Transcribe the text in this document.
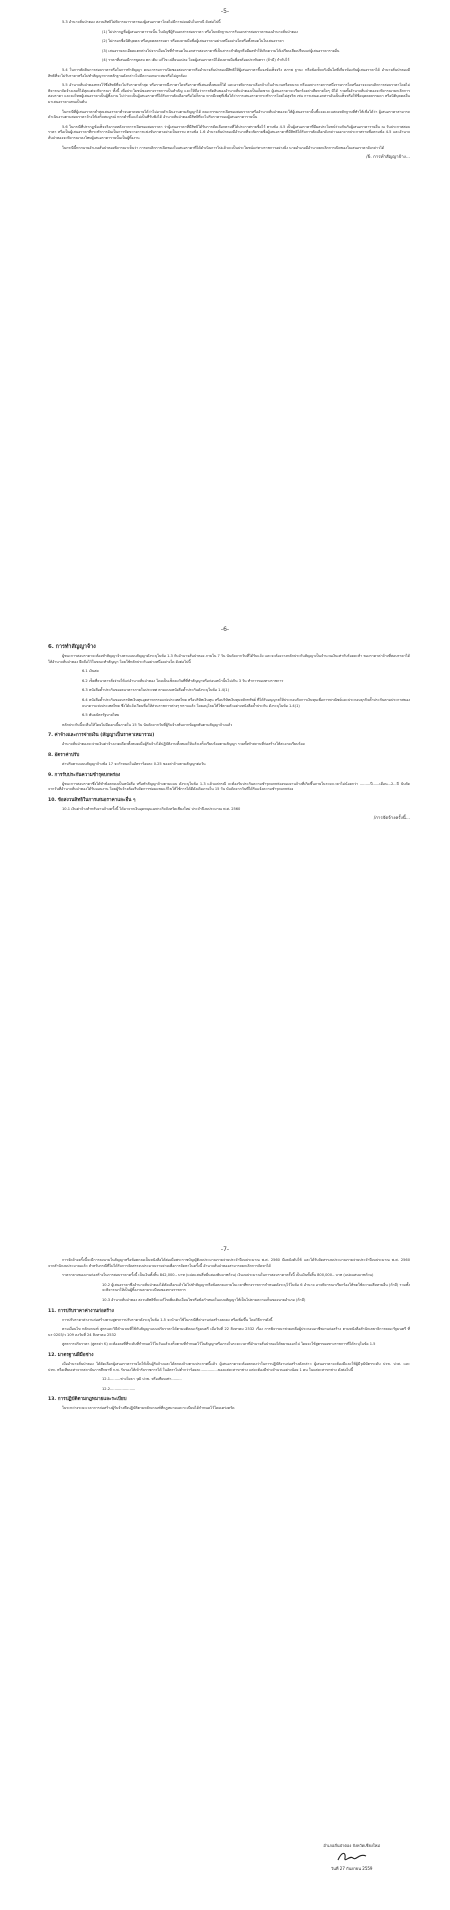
-5-

5.3 อำนาจสั่นป่าตอง สงวนสิทธิไม่พิจารณาราคาของผู้เสนอราคาโดยไม่มีการผ่อนผันในกรณี ดังต่อไปนี้

(1) ไม่ปรากฏชื่อผู้เสนอราคารายนั้น ในบัญชีผู้รับเอกสารสอบราคา หรือในหลักฐานการรับเอกสารสอบราคาของอำนาจสั่นป่าตอง

(2) ไม่กรอกชื่อนิติบุคคล หรือบุคคลธรรมดา หรือลงลายมือชื่อผู้เสนอราคาอย่างหนึ่งอย่างใดหรือทั้งหมดในใบเสนอราคา

(3) เสนอรายละเอียดแตกต่างไปจากเงื่อนไขที่กำหนดในเอกสารสอบราคาที่เป็นสาระสำคัญหรือมีผลทำให้เกิดความได้เปรียบเสียเปรียบแก่ผู้เสนอราคารายอื่น

(4) ราคาที่เสนอมีการขูดลบ ตก เติม แก้ไข เปลี่ยนแปลง โดยผู้เสนอราคามิได้ลงลายมือชื่อพร้อมประทับตรา (ถ้ามี) กำกับไว้

5.4 ในการตัดสินการสอบราคาหรือในการทำสัญญา คณะกรรมการเปิดซองสอบราคาหรืออำนาจสั่นป่าตองมีสิทธิให้ผู้เสนอราคาชี้แจงข้อเท็จจริง สภาพ ฐานะ หรือข้อเท็จจริงอื่นใดที่เกี่ยวข้องกับผู้เสนอราคาได้ อำนาจสั่นป่าตองมีสิทธิที่จะไม่รับราคาหรือไม่ทำสัญญาหากหลักฐานดังกล่าวไม่มีความเหมาะสมหรือไม่ถูกต้อง

5.5 อำนาจสั่นป่าตองทรงไว้ซึ่งสิทธิที่จะไม่รับราคาต่ำสุด หรือราคาหนึ่งราคาใดหรือราคาที่เสนอทั้งหมดก็ได้ และอาจพิจารณาเลือกจ้างในจำนวนหรือขนาด หรือเฉพาะรายการหนึ่งรายการใดหรืออาจจะยกเลิกการสอบราคาโดยไม่พิจารณาจัดจ้างเลยก็ได้สุดแต่จะพิจารณา ทั้งนี้ เพื่อประโยชน์ของทางราชการเป็นสำคัญ และให้ถือว่าการตัดสินของอำนาจสั่นป่าตองเป็นเด็ดขาด ผู้เสนอราคาจะเรียกร้องค่าเสียหายใดๆ มิได้ รวมทั้งอำนาจสั่นป่าตองจะพิจารณายกเลิกการสอบราคา และลงโทษผู้เสนอราคาเป็นผู้ทิ้งงาน ไม่ว่าจะเป็นผู้เสนอราคาที่ได้รับการคัดเลือกหรือไม่ก็ตาม หากมีเหตุที่เชื่อได้ว่าการเสนอราคากระทำการโดยไม่สุจริต เช่น การเสนอเอกสารอันเป็นเท็จหรือใช้ชื่อบุคคลธรรมดา หรือนิติบุคคลอื่นมาเสนอราคาแทนเป็นต้น

ในกรณีที่ผู้เสนอราคาต่ำสุดเสนอราคาต่ำจนคาดหมายได้ว่าไม่อาจดำเนินงานตามสัญญาได้ คณะกรรมการเปิดซองสอบราคาหรืออำนาจสั่นป่าตองจะให้ผู้เสนอราคานั้นชี้แจงและแสดงหลักฐานที่ทำให้เชื่อได้ว่า ผู้เสนอราคาสามารถดำเนินงานตามสอบราคาจ้างให้เสร็จสมบูรณ์ หากคำชี้แจงไม่เป็นที่รับฟังได้ อำนาจสั่นป่าตองมีสิทธิที่จะไม่รับราคาของผู้เสนอราคารายนั้น

5.6 ในกรณีที่ปรากฏข้อเท็จจริงภายหลังจากการเปิดซองสอบราคา ว่าผู้เสนอราคาที่มีสิทธิได้รับการคัดเลือกตามที่ได้ประกาศรายชื่อไว้ ตามข้อ 4.5 เป็นผู้เสนอราคาที่มีผลประโยชน์ร่วมกันกับผู้เสนอราคารายอื่น ณ วันประกาศสอบราคา หรือเป็นผู้เสนอราคาที่กระทำการอันเป็นการขัดขวางการแข่งขันราคาอย่างเป็นธรรม ตามข้อ 1.6 อำนาจสั่นป่าตองมีอำนาจที่จะตัดรายชื่อผู้เสนอราคาที่มีสิทธิได้รับการคัดเลือกดังกล่าวออกจากประกาศรายชื่อตามข้อ 4.5 และอำนาจสั่นป่าตองจะพิจารณาลงโทษผู้เสนอราคารายนั้นเป็นผู้ทิ้งงาน

ในกรณีนี้หากนายอำเภอสั่นป่าตองพิจารณาเห็นว่า การยกเลิกการเปิดซองใบเสนอราคาที่ได้ดำเนินการไปแล้วจะเป็นประโยชน์แก่ทางราชการอย่างยิ่ง นายอำเภอมีอำนาจยกเลิกการเปิดซองใบเสนอราคาดังกล่าวได้

/6. การทำสัญญาจ้าง...

-6-

6. การทำสัญญาจ้าง

ผู้ชนะการสอบราคาจะต้องทำสัญญาจ้างตามแบบสัญญาดังระบุในข้อ 1.3 กับอำนาจสั่นป่าตอง ภายใน 7 วัน นับถัดจากวันที่ได้รับแจ้ง และจะต้องวางหลักประกันสัญญาเป็นจำนวนเงินเท่ากับร้อยละห้า ของราคาค่าจ้างที่สอบราคาได้ ให้อำนาจสั่นป่าตอง ยึดถือไว้ในขณะทำสัญญา โดยใช้หลักประกันอย่างหนึ่งอย่างใด ดังต่อไปนี้

6.1 เงินสด

6.2 เช็คที่ธนาคารสั่งจ่ายให้แก่อำนาจสั่นป่าตอง โดยเป็นเช็คลงวันที่ที่ทำสัญญาหรือก่อนหน้านั้นไม่เกิน 3 วัน ทำการของทางราชการ

6.3 หนังสือค้ำประกันของธนาคารภายในประเทศ ตามแบบหนังสือค้ำประกันดังระบุในข้อ 1.4(1)

6.4 หนังสือค้ำประกันของบรรษัทเงินทุนอุตสาหกรรมแห่งประเทศไทย หรือบริษัทเงินทุน หรือบริษัทเงินทุนหลักทรัพย์ ที่ได้รับอนุญาตให้ประกอบกิจการเงินทุนเพื่อการพาณิชย์และประกอบธุรกิจค้ำประกันตามประกาศของธนาคารแห่งประเทศไทย ซึ่งได้แจ้งเวียนชื่อให้ส่วนราชการต่างๆ ทราบแล้ว โดยอนุโลมให้ใช้ตามตัวอย่างหนังสือค้ำประกัน ดังระบุในข้อ 1.4(1)

6.5 พันธบัตรรัฐบาลไทย

หลักประกันนี้จะคืนให้โดยไม่มีดอกเบี้ยภายใน 15 วัน นับถัดจากวันที่ผู้รับจ้างพ้นจากข้อผูกพันตามสัญญาจ้างแล้ว

7. ค่าจ้างและการจ่ายเงิน (สัญญาเป็นราคาเหมารวม)

อำนาจสั่นป่าตองจะจ่ายเงินค่าจ้างงวดเดียวทั้งหมดเมื่อผู้รับจ้างได้ปฏิบัติงานทั้งหมดให้แล้วเสร็จเรียบร้อยตามสัญญา รวมทั้งทำสถานที่ก่อสร้างให้สะอาดเรียบร้อย

8. อัตราค่าปรับ

ค่าปรับตามแบบสัญญาจ้างข้อ 17 จะกำหนดในอัตราร้อยละ 0.25 ของค่าจ้างตามสัญญาต่อวัน

9. การรับประกันความชำรุดบกพร่อง

ผู้ชนะการสอบราคาซึ่งได้ทำข้อตกลงเป็นหนังสือ หรือทำสัญญาจ้างตามแบบ ดังระบุในข้อ 1.3 แล้วแต่กรณี จะต้องรับประกันความชำรุดบกพร่องของงานจ้างที่เกิดขึ้นภายในระยะเวลาไม่น้อยกว่า ....-....ปี......เดือน...2...ปี นับถัดจากวันที่อำนาจสั่นป่าตองได้รับมอบงาน โดยผู้รับจ้างต้องรีบจัดการซ่อมแซมแก้ไขให้ใช้การได้ดีดังเดิมภายใน 15 วัน นับถัดจากวันที่ได้รับแจ้งความชำรุดบกพร่อง

10. ข้อสงวนสิทธิในการเสนอราคาและอื่น ๆ

10.1 เงินค่าจ้างสำหรับงานจ้างครั้งนี้ ได้มาจากเงินอุดหนุนเฉพาะกิจจังหวัดเชียงใหม่ ประจำปีงบประมาณ พ.ศ. 2560

/การจัดจ้างครั้งนี้...

-7-

การจัดจ้างครั้งนี้จะมีการลงนามในสัญญาหรือข้อตกลงเป็นหนังสือได้ต่อเมื่อพระราชบัญญัติงบประมาณรายจ่ายประจำปีงบประมาณ พ.ศ. 2560 มีผลบังคับใช้ และได้รับจัดสรรงบประมาณรายจ่ายประจำปีงบประมาณ พ.ศ. 2560 จากสำนักงบประมาณแล้ว สำหรับกรณีที่ไม่ได้รับการจัดสรรงบประมาณรายจ่ายเพื่อการจัดหาในครั้งนี้ อำนาจสั่นป่าตองสามารถยกเลิกการจัดหาได้

ราคากลางของงานก่อสร้างในการสอบราคาครั้งนี้ เป็นเงินทั้งสิ้น 842,000.- บาท (แปดแสนสี่หมื่นสองพันบาทถ้วน) เงินงบประมาณในการสอบราคาครั้งนี้ เป็นเงินทั้งสิ้น 800,000.- บาท (แปดแสนบาทถ้วน)

10.2 ผู้เสนอราคาซึ่งอำนาจสั่นป่าตองได้คัดเลือกแล้วไม่ไปทำสัญญาหรือข้อตกลงภายในเวลาที่ทางราชการกำหนดดังระบุไว้ในข้อ 6 อำนาจ อาจพิจารณาเรียกร้องให้ชดใช้ความเสียหายอื่น (ถ้ามี) รวมทั้งจะพิจารณาให้เป็นผู้ทิ้งงานตามระเบียบของทางราชการ

10.3 อำนาจสั่นป่าตอง สงวนสิทธิที่จะแก้ไขเพิ่มเติมเงื่อนไขหรือข้อกำหนดในแบบสัญญาให้เป็นไปตามความเห็นของนายอำเภอ (ถ้ามี)

11. การปรับราคาค่างานก่อสร้าง

การปรับราคาค่างานก่อสร้างตามสูตรการปรับราคาดังระบุในข้อ 1.5 จะนำมาใช้ในกรณีที่ค่างานก่อสร้างลดลง หรือเพิ่มขึ้น โดยวิธีการดังนี้

ตามเงื่อนไข หลักเกณฑ์ สูตรและวิธีคำนวณที่ใช้กับสัญญาแบบปรับราคาได้ตามมติคณะรัฐมนตรี เมื่อวันที่ 22 สิงหาคม 2532 เรื่อง การพิจารณาช่วยเหลือผู้ประกอบอาชีพงานก่อสร้าง ตามหนังสือสำนักเลขาธิการคณะรัฐมนตรี ที่ นร 0203/ว 109 ลงวันที่ 24 สิงหาคม 2532

สูตรการปรับราคา (สูตรค่า K) จะต้องคงที่ที่ระดับที่กำหนดไว้ในวันแล้วเสร็จตามที่กำหนดไว้ในสัญญาหรือภายในระยะเวลาที่อำนาจสั่นป่าตองได้ขยายออกไป โดยจะใช้สูตรของทางราชการที่ได้ระบุในข้อ 1.5

12. มาตรฐานฝีมือช่าง

เมื่ออำนาจสั่นป่าตอง ได้คัดเลือกผู้เสนอราคารายใดให้เป็นผู้รับจ้างและได้ตกลงจ้างตามประกาศนี้แล้ว ผู้เสนอราคาจะต้องตกลงว่าในการปฏิบัติงานก่อสร้างดังกล่าว ผู้เสนอราคาจะต้องมีและใช้ผู้มีวุฒิบัตรระดับ ปวช. ปวส. และ ปวท. หรือเทียบเท่าจากสถาบันการศึกษาที่ ก.พ. รับรองให้เข้ารับราชการได้ ในอัตราไม่ต่ำกว่าร้อยละ.......-.......ของแต่ละสาขาช่าง แต่จะต้องมีช่างจำนวนอย่างน้อย 1 คน ในแต่ละสาขาช่าง ดังต่อไปนี้

12.1.........ช่างโยธา วุฒิ ปวช. หรือเทียบเท่า.........

12.2..........-...........

13. การปฏิบัติตามกฎหมายและระเบียบ

ในระหว่างระยะเวลาการก่อสร้างผู้รับจ้างพึงปฏิบัติตามหลักเกณฑ์ที่กฎหมายและระเบียบได้กำหนดไว้โดยเคร่งครัด

อำเภอสั่นป่าตอง จังหวัดเชียงใหม่
วันที่ 27 กันยายน 2559
